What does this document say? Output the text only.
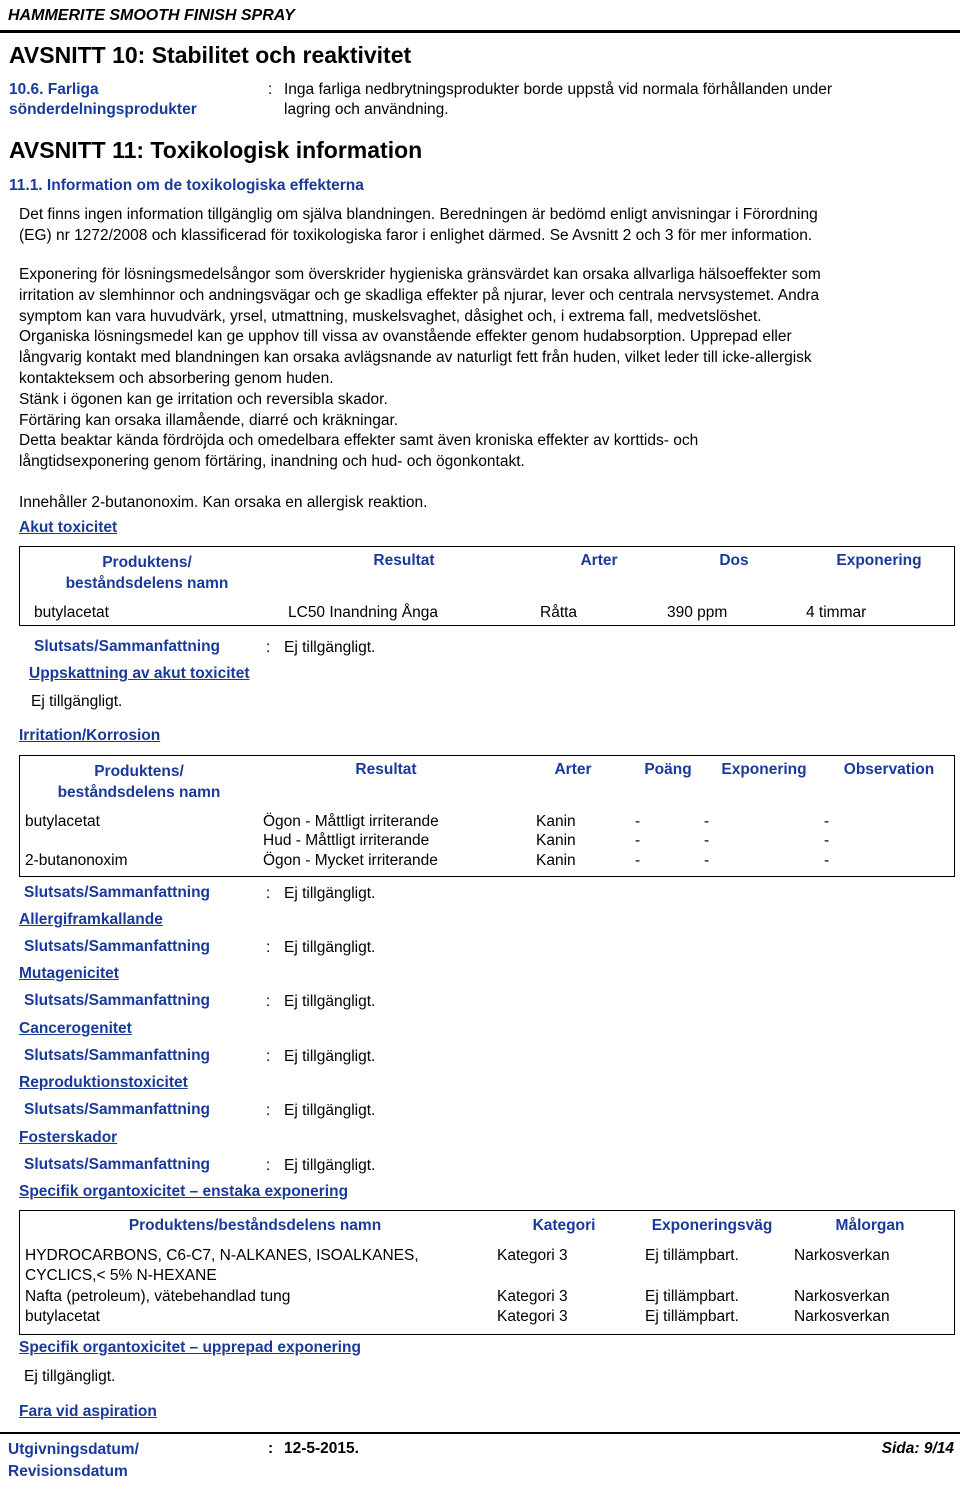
HAMMERITE SMOOTH FINISH SPRAY
AVSNITT 10: Stabilitet och reaktivitet
10.6. Farliga
sönderdelningsprodukter
: Inga farliga nedbrytningsprodukter borde uppstå vid normala förhållanden under
lagring och användning.
AVSNITT 11: Toxikologisk information
11.1. Information om de toxikologiska effekterna
Det finns ingen information tillgänglig om själva blandningen. Beredningen är bedömd enligt anvisningar i Förordning
(EG) nr 1272/2008 och klassificerad för toxikologiska faror i enlighet därmed. Se Avsnitt 2 och 3 för mer information.
Exponering för lösningsmedelsångor som överskrider hygieniska gränsvärdet kan orsaka allvarliga hälsoeffekter som
irritation av slemhinnor och andningsvägar och ge skadliga effekter på njurar, lever och centrala nervsystemet. Andra
symptom kan vara huvudvärk, yrsel, utmattning, muskelsvaghet, dåsighet och, i extrema fall, medvetslöshet.
Organiska lösningsmedel kan ge upphov till vissa av ovanstående effekter genom hudabsorption. Upprepad eller
långvarig kontakt med blandningen kan orsaka avlägsnande av naturligt fett från huden, vilket leder till icke-allergisk
kontakteksem och absorbering genom huden.
Stänk i ögonen kan ge irritation och reversibla skador.
Förtäring kan orsaka illamående, diarré och kräkningar.
Detta beaktar kända fördröjda och omedelbara effekter samt även kroniska effekter av korttids- och
långtidsexponering genom förtäring, inandning och hud- och ögonkontakt.
Innehåller 2-butanonoxim. Kan orsaka en allergisk reaktion.
Akut toxicitet
Produktens/
beståndsdelens namn	Resultat	Arter	Dos	Exponering
butylacetat	LC50 Inandning Ånga	Råtta	390 ppm	4 timmar
Slutsats/Sammanfattning	: Ej tillgängligt.
Uppskattning av akut toxicitet
Ej tillgängligt.
Irritation/Korrosion
Produktens/
beståndsdelens namn	Resultat	Arter	Poäng	Exponering	Observation
butylacetat	Ögon - Måttligt irriterande	Kanin	-	-	-
	Hud - Måttligt irriterande	Kanin	-	-	-
2-butanonoxim	Ögon - Mycket irriterande	Kanin	-	-	-
Slutsats/Sammanfattning	: Ej tillgängligt.
Allergiframkallande
Slutsats/Sammanfattning	: Ej tillgängligt.
Mutagenicitet
Slutsats/Sammanfattning	: Ej tillgängligt.
Cancerogenitet
Slutsats/Sammanfattning	: Ej tillgängligt.
Reproduktionstoxicitet
Slutsats/Sammanfattning	: Ej tillgängligt.
Fosterskador
Slutsats/Sammanfattning	: Ej tillgängligt.
Specifik organtoxicitet – enstaka exponering
Produktens/beståndsdelens namn	Kategori	Exponeringsväg	Målorgan

HYDROCARBONS, C6-C7, N-ALKANES, ISOALKANES,
CYCLICS,< 5% N-HEXANE	Kategori 3	Ej tillämpbart.	Narkosverkan
Nafta (petroleum), vätebehandlad tung	Kategori 3	Ej tillämpbart.	Narkosverkan
butylacetat	Kategori 3	Ej tillämpbart.	Narkosverkan
Specifik organtoxicitet – upprepad exponering
Ej tillgängligt.
Fara vid aspiration
Utgivningsdatum/
Revisionsdatum
: 12-5-2015.	Sida: 9/14
